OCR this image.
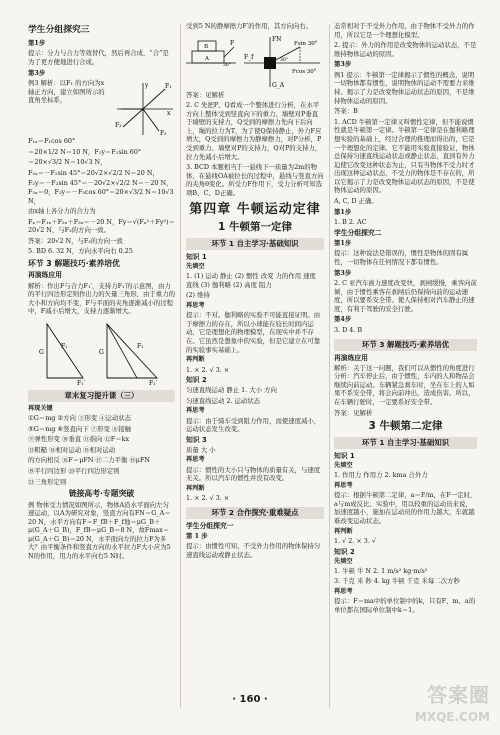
学生分组探究三

第1步

提示：分力与合力等效替代，然后再合成，“合”是为了更方便地进行合成。

第3步

例3 解析：以F₁ 的方向为x轴正方向，建立如图所示的直角坐标系，

F₁
F₂
F₃
x
y

F₁ₓ＝F₁cos 60°

＝20×1/2 N＝10 N，F₁y＝F₁sin 60°

＝20×√3/2 N＝10√3 N，

F₂ₓ＝－F₂sin 45°＝20√2×√2/2 N＝20 N，

F₂y＝－F₂sin 45°＝－20√2×√2/2 N＝－20 N，F₃ₓ＝0，F₃y＝－F₃cos 60°＝20×√3/2 N＝10√3 N，

由x轴上各分力的合力为

Fₓ＝F₁ₓ＋F₂ₓ＋F₃ₓ＝－20 N，Fy＝√(Fₓ²＋Fy²)＝20√2 N，与F₃的方向一致。

答案：20√2 N，与F₃的方向一致

5. BD 6. 32 N，方向水平向右 0.25

环节 3 解题技巧·素养培优
再演练应用

解析：作出F与合力F₁′，支持力F₁′的示意图，由力的平行四边形定则作出力的矢量三角形，由于重力的大小和方向均不变，F与平面的夹角逐渐减小的过程中，F减小后增大，支持力逐渐增大。

G
F₁
G
F₁
F₁′	F₁′
章末复习提升课（三）
再现关键

①G＝mg ②方向 ③形变 ④运动状态

⑤G＝mg ⑥竖直向下 ⑦形变 ⑧接触

⑨弹性形变 ⑩垂直 ⑪指向 ⑫F＝kx

⑬粗糙 ⑭相对运动 ⑮相对运动

的方向相反 ⑯F＝μFN ⑰二力平衡 ⑱μFN

⑲平行四边形 ⑳平行四边形定则

㉑三角形定则

链接高考·专题突破

例 物体受力情况如图所示，物体A沿水平面向左匀速运动，以A为研究对象，竖直方向有FN＝G_A＝20 N，水平方向有F＝F_fB＋F_f地＝μG_B＋μ(G_A＋G_B)，F_fB＝μG_B＝8 N，故Fmax＝μ(G_A＋G_B)＝20 N，水平面向左的拉力F为多大？由平衡条件和竖直方向的水平拉力F大小应为5 N的作用，用力的水平向右5 N时。

受到5 N的静摩擦力F′的作用，其方向向右。

F
30°
B
A
FN
Fsin 30°
Fcos 30°
F_f
G_A
30°

答案：见解析

2. C 先把P、Q看成一个整体进行分析，在水平方向上整体受到竖直向下的重力、墙壁对P垂直于墙壁的支持力，Q受到的摩擦力先向下后向上，绳的拉力为T，为了使Q保持静止，外力F应增大，Q受到的摩擦力为静摩擦力，对P分析，P受到重力、墙壁对P的支持力，Q对P的支持力，拉力先减小后增大。

3. BCD 本题相当于一悬线下一质量为2m的物体，在悬线OA被拉长的过程中，悬线与竖直方向的夹角θ变化。所受力F作用下，受力分析可知选项B、C、D正确。

第四章 牛顿运动定律
1 牛顿第一定律
环节 1 自主学习·基础知识
知识 1
先填空

1. (1) 运动 静止 (2) 惯性 改变 力的作用 速度 直线 (3) 伽利略 (2) 高度 阻力

(2) 维持

再思考

提示：不对。伽利略的实验不可能直接证明。由于摩擦力的存在，所以小球能在较长时间内运动，它是理想化的物理模型，在现实中并不存在。它虽然是想象中的实验，但是它建立在可靠的实验事实基础上。

再判断

1. × 2. √ 3. ×

知识 2

匀速直线运动 静止 1. 大小 方向

匀速直线运动 2. 运动状态

再思考

提示：由于骑车受到阻力作用，而使速度减小，运动状态发生改变。

知识 3

质量 大 小

再思考

提示：惯性的大小只与物体的质量有关，与速度无关。所以汽车的惯性并没有改变。

再判断

1. × 2. √ 3. ×

环节 2 合作探究·重难疑点
学生分组探究一

第 1 步

提示：由惯性可知，不受外力作用的物体保持匀速直线运动或静止状态。

态常相对于不受外力作用，由于物体不受外力的作用，所以它是一个理想化模型。

2. 提示：外力的作用是改变物体的运动状态，不是维持物体运动的原因。

第3步

例1 提示：牛顿第一定律揭示了惯性的概念，说明一切物体都有惯性，说明物体的运动不需要力来维持。揭示了力是改变物体运动状态的原因，不是维持物体运动的原因。

答案：B

1. ACD 牛顿第一定律又叫惯性定律，但不能说惯性就是牛顿第一定律。牛顿第一定律是在伽利略理想实验的基础上，经过合理的推理而得出的，它是一个理想化的定律。它不能用实验直接验证，物体总保持匀速直线运动状态或静止状态，直到有外力迫使它改变这种状态为止，只有当物体不受力时才出现这种运动状态，不受力的物体是不存在的，所以它揭示了力是改变物体运动状态的原因，不是使物体运动的原因。

A, C, D 正确。

第1步

1. B 2. AC

学生分组探究二

第1步

提示：这种说法是错误的，惯性是物体的固有属性，一切物体在任何情况下都有惯性。

第3步

2. C 亚汽车被力速度改变快，刹闸缓慢，乘客向前倾，由于惯性乘客在刹闸后仍保持向前的运动速度，所以要系安全带。使人保持相对汽车静止的速度，有利于驾驶的安全行驶。

第4步

3. D 4. B

环节 3 解题技巧·素养培优
再演练应用

解析：关于这一问题，我们可以从惯性的角度进行分析：汽车停止后，由于惯性，车内的人和物品会继续向前运动。车辆紧急刹车时，坐在车上的人如果不系安全带，将会向前冲出，造成伤害。所以，在车辆行驶时，一定要系好安全带。

答案：见解析

3 牛顿第二定律
环节 1 自主学习·基础知识
知识 1
先填空

1. 作用力 作用力 2. kma 合外力

再思考

提示：根据牛顿第二定律，a＝F/m，在F一定时，a与m成反比。实验中，用以较重的运动员来说，加速度越小，施加在运动员的作用力越大，车就越难改变运动状态。

再判断

1. √ 2. × 3. √

知识 2
先填空

1. 牛顿 牛 N 2. 1 m/s² kg·m/s²

3. 千克 米 秒 4. kg 牛顿 千克 米每二次方秒

再思考

提示：F＝ma中的单位制中的k，只有F、m、a的单位都在国际单位制中k＝1。

· 160 ·	答案圈
MXQE.COM
